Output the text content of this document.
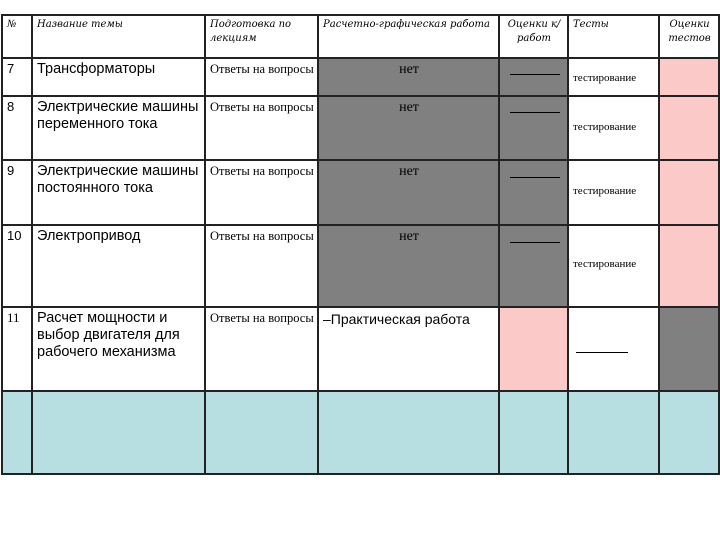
№	Название темы	Подготовка по лекциям	Расчетно-графическая работа	Оценки к/работ	Тесты	Оценки тестов
7	Трансформаторы	Ответы на вопросы	нет		тестирование	

8	Электрические машины переменного тока	Ответы на вопросы	нет		тестирование	

9	Электрические машины постоянного тока	Ответы на вопросы	нет		тестирование	

10	Электропривод	Ответы на вопросы	нет		тестирование	

11	Расчет мощности и выбор двигателя для рабочего механизма	Ответы на вопросы	–Практическая работа		
